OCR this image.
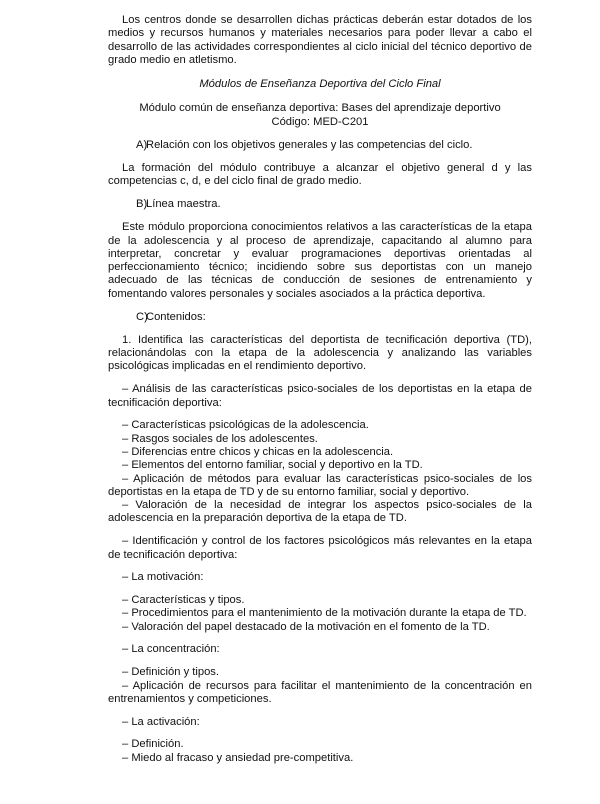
Los centros donde se desarrollen dichas prácticas deberán estar dotados de los medios y recursos humanos y materiales necesarios para poder llevar a cabo el desarrollo de las actividades correspondientes al ciclo inicial del técnico deportivo de grado medio en atletismo.

Módulos de Enseñanza Deportiva del Ciclo Final

Módulo común de enseñanza deportiva: Bases del aprendizaje deportivo

Código: MED-C201

A)Relación con los objetivos generales y las competencias del ciclo.

La formación del módulo contribuye a alcanzar el objetivo general d y las competencias c, d, e del ciclo final de grado medio.

B)Línea maestra.

Este módulo proporciona conocimientos relativos a las características de la etapa de la adolescencia y al proceso de aprendizaje, capacitando al alumno para interpretar, concretar y evaluar programaciones deportivas orientadas al perfeccionamiento técnico; incidiendo sobre sus deportistas con un manejo adecuado de las técnicas de conducción de sesiones de entrenamiento y fomentando valores personales y sociales asociados a la práctica deportiva.

C)Contenidos:

1. Identifica las características del deportista de tecnificación deportiva (TD), relacionándolas con la etapa de la adolescencia y analizando las variables psicológicas implicadas en el rendimiento deportivo.

– Análisis de las características psico-sociales de los deportistas en la etapa de tecnificación deportiva:

– Características psicológicas de la adolescencia.

– Rasgos sociales de los adolescentes.

– Diferencias entre chicos y chicas en la adolescencia.

– Elementos del entorno familiar, social y deportivo en la TD.

– Aplicación de métodos para evaluar las características psico-sociales de los deportistas en la etapa de TD y de su entorno familiar, social y deportivo.

– Valoración de la necesidad de integrar los aspectos psico-sociales de la adolescencia en la preparación deportiva de la etapa de TD.

– Identificación y control de los factores psicológicos más relevantes en la etapa de tecnificación deportiva:

– La motivación:

– Características y tipos.

– Procedimientos para el mantenimiento de la motivación durante la etapa de TD.

– Valoración del papel destacado de la motivación en el fomento de la TD.

– La concentración:

– Definición y tipos.

– Aplicación de recursos para facilitar el mantenimiento de la concentración en entrenamientos y competiciones.

– La activación:

– Definición.

– Miedo al fracaso y ansiedad pre-competitiva.
